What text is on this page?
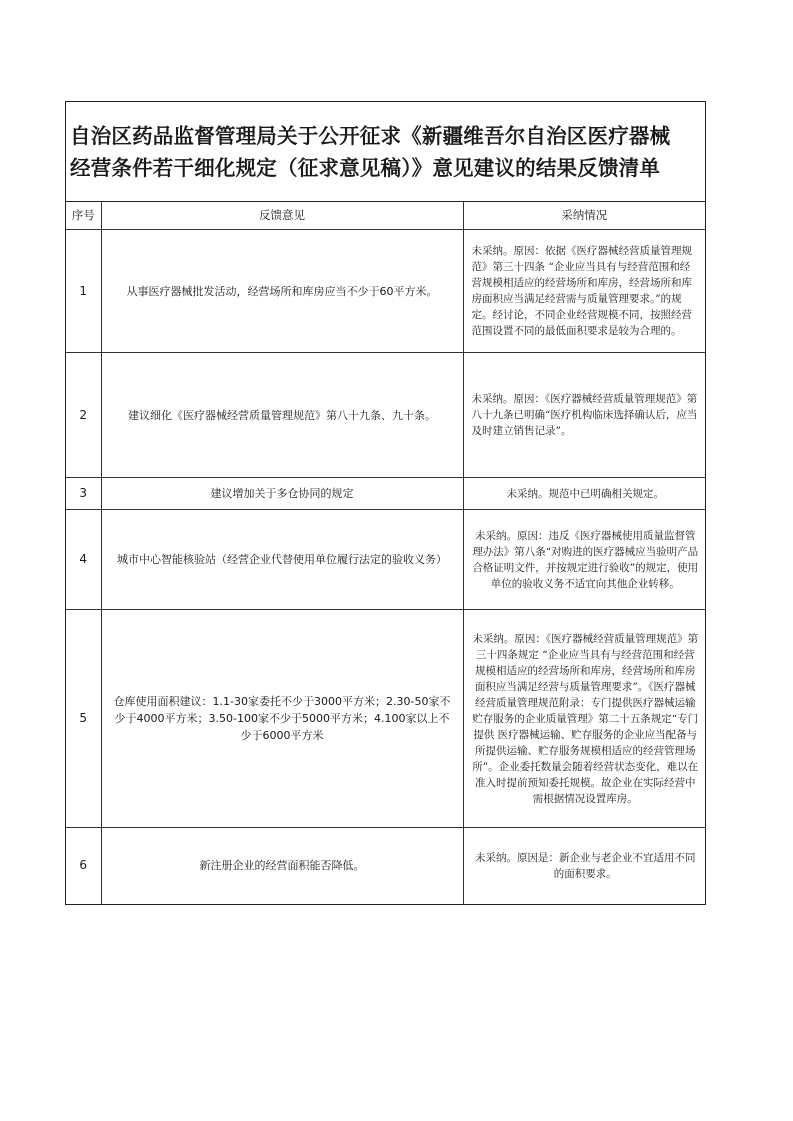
自治区药品监督管理局关于公开征求《新疆维吾尔自治区医疗器械
经营条件若干细化规定（征求意见稿）》意见建议的结果反馈清单
序号	反馈意见	采纳情况
1	从事医疗器械批发活动，经营场所和库房应当不少于60平方米。	未采纳。原因：依据《医疗器械经营质量管理规范》第三十四条 “企业应当具有与经营范围和经营规模相适应的经营场所和库房，经营场所和库房面积应当满足经营需与质量管理要求。”的规定。经讨论，不同企业经营规模不同，按照经营范围设置不同的最低面积要求是较为合理的。

2	建议细化《医疗器械经营质量管理规范》第八十九条、九十条。	未采纳。原因：《医疗器械经营质量管理规范》第八十九条已明确“医疗机构临床选择确认后，应当及时建立销售记录”。

3	建议增加关于多仓协同的规定	未采纳。规范中已明确相关规定。

4	城市中心智能核验站（经营企业代替使用单位履行法定的验收义务）	未采纳。原因：违反《医疗器械使用质量监督管理办法》第八条“对购进的医疗器械应当验明产品合格证明文件，并按规定进行验收”的规定，使用单位的验收义务不适宜向其他企业转移。

5	仓库使用面积建议：1.1-30家委托不少于3000平方米；2.30-50家不少于4000平方米；3.50-100家不少于5000平方米；4.100家以上不少于6000平方米	未采纳。原因：《医疗器械经营质量管理规范》第三十四条规定 “企业应当具有与经营范围和经营规模相适应的经营场所和库房，经营场所和库房面积应当满足经营与质量管理要求”。《医疗器械经营质量管理规范附录：专门提供医疗器械运输贮存服务的企业质量管理》第二十五条规定“专门提供 医疗器械运输、贮存服务的企业应当配备与所提供运输、贮存服务规模相适应的经营管理场所”。企业委托数量会随着经营状态变化，难以在准入时提前预知委托规模。故企业在实际经营中需根据情况设置库房。

6	新注册企业的经营面积能否降低。	未采纳。原因是：新企业与老企业不宜适用不同的面积要求。
